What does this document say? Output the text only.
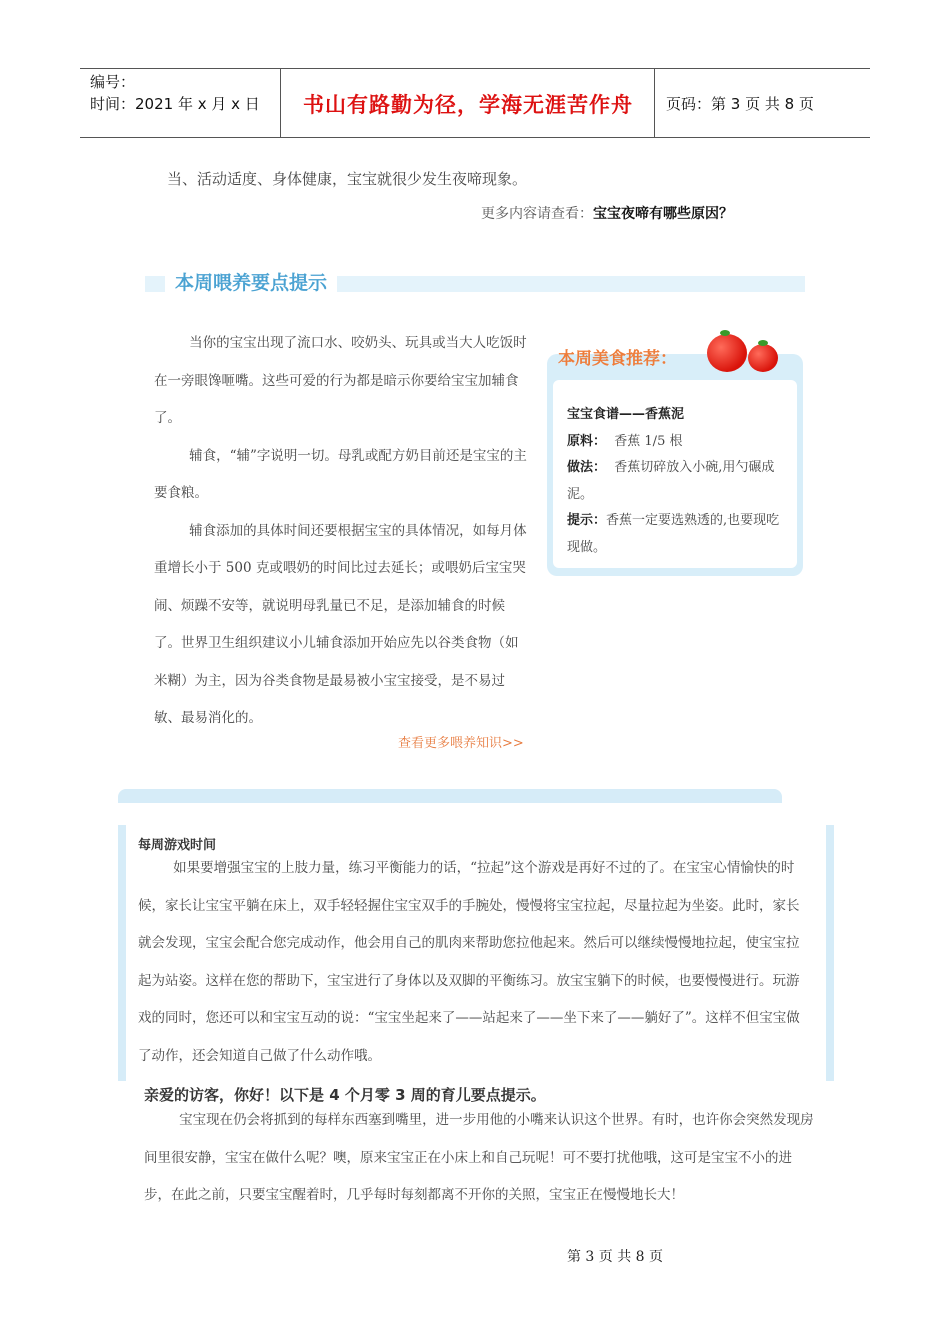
编号：
时间：2021 年 x 月 x 日	书山有路勤为径，学海无涯苦作舟	页码：第 3 页 共 8 页
当、活动适度、身体健康，宝宝就很少发生夜啼现象。
更多内容请查看：宝宝夜啼有哪些原因？
本周喂养要点提示

当你的宝宝出现了流口水、咬奶头、玩具或当大人吃饭时在一旁眼馋咂嘴。这些可爱的行为都是暗示你要给宝宝加辅食了。

辅食，“辅”字说明一切。母乳或配方奶目前还是宝宝的主要食粮。

辅食添加的具体时间还要根据宝宝的具体情况，如每月体重增长小于 500 克或喂奶的时间比过去延长；或喂奶后宝宝哭闹、烦躁不安等，就说明母乳量已不足，是添加辅食的时候了。世界卫生组织建议小儿辅食添加开始应先以谷类食物（如米糊）为主，因为谷类食物是最易被小宝宝接受，是不易过敏、最易消化的。

查看更多喂养知识>>
本周美食推荐：

宝宝食谱——香蕉泥

原料： 香蕉 1/5 根

做法： 香蕉切碎放入小碗,用勺碾成泥。

提示：香蕉一定要选熟透的,也要现吃现做。

每周游戏时间

如果要增强宝宝的上肢力量，练习平衡能力的话，“拉起”这个游戏是再好不过的了。在宝宝心情愉快的时候，家长让宝宝平躺在床上，双手轻轻握住宝宝双手的手腕处，慢慢将宝宝拉起，尽量拉起为坐姿。此时，家长就会发现，宝宝会配合您完成动作，他会用自己的肌肉来帮助您拉他起来。然后可以继续慢慢地拉起，使宝宝拉起为站姿。这样在您的帮助下，宝宝进行了身体以及双脚的平衡练习。放宝宝躺下的时候，也要慢慢进行。玩游戏的同时，您还可以和宝宝互动的说：“宝宝坐起来了——站起来了——坐下来了——躺好了”。这样不但宝宝做了动作，还会知道自己做了什么动作哦。

亲爱的访客，你好！以下是 4 个月零 3 周的育儿要点提示。

宝宝现在仍会将抓到的每样东西塞到嘴里，进一步用他的小嘴来认识这个世界。有时，也许你会突然发现房间里很安静，宝宝在做什么呢？噢，原来宝宝正在小床上和自己玩呢！可不要打扰他哦，这可是宝宝不小的进步，在此之前，只要宝宝醒着时，几乎每时每刻都离不开你的关照，宝宝正在慢慢地长大！

第 3 页 共 8 页
